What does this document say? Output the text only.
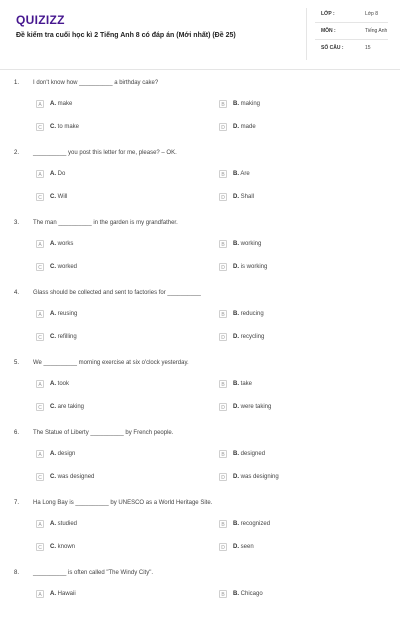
QUIZIZZ
Đề kiểm tra cuối học kì 2 Tiếng Anh 8 có đáp án (Mới nhất) (Đề 25)
LỚP :	Lớp 8
MÔN :	Tiếng Anh
SỐ CÂU :	15
1. I don't know how __________ a birthday cake?
A	A. make	B	B. making
C	C. to make	D	D. made
2. __________ you post this letter for me, please? – OK.
A	A. Do	B	B. Are
C	C. Will	D	D. Shall
3. The man __________ in the garden is my grandfather.
A	A. works	B	B. working
C	C. worked	D	D. is working
4. Glass should be collected and sent to factories for __________
A	A. reusing	B	B. reducing
C	C. refilling	D	D. recycling
5. We __________ morning exercise at six o'clock yesterday.
A	A. took	B	B. take
C	C. are taking	D	D. were taking
6. The Statue of Liberty __________ by French people.
A	A. design	B	B. designed
C	C. was designed	D	D. was designing
7. Ha Long Bay is __________ by UNESCO as a World Heritage Site.
A	A. studied	B	B. recognized
C	C. known	D	D. seen
8. __________ is often called "The Windy City".
A	A. Hawaii	B	B. Chicago
